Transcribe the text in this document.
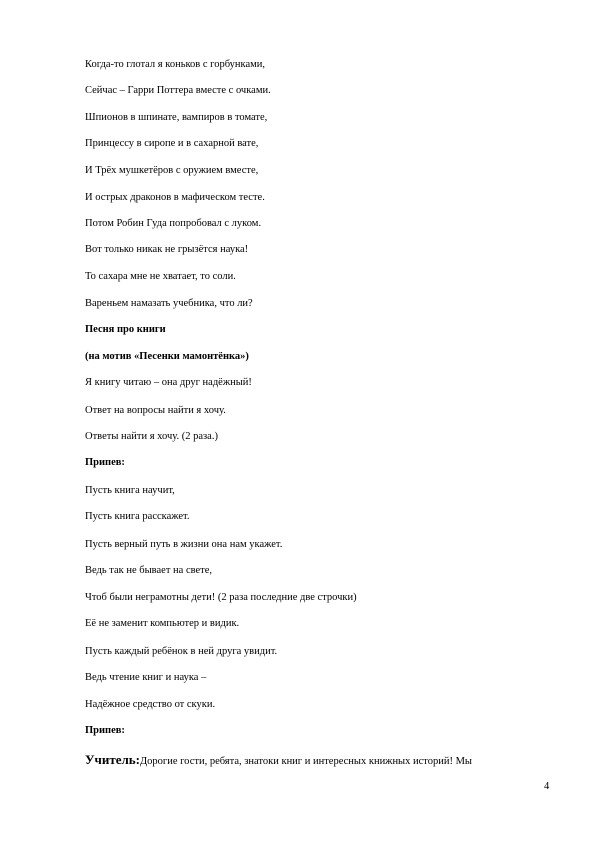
Когда-то глотал я коньков с горбунками,
Сейчас – Гарри Поттера вместе с очками.
Шпионов в шпинате, вампиров в томате,
Принцессу в сиропе и в сахарной вате,
И Трёх мушкетёров с оружием вместе,
И острых драконов в мафическом тесте.
Потом Робин Гуда попробовал с луком.
Вот только никак не грызётся наука!
То сахара мне не хватает, то соли.
Вареньем намазать учебника, что ли?
Песня про книги
(на мотив «Песенки мамонтёнка»)
Я книгу читаю – она друг надёжный!
Ответ на вопросы найти я хочу.
Ответы найти я хочу. (2 раза.)
Припев:
Пусть книга научит,
Пусть книга расскажет.
Пусть верный путь в жизни она нам укажет.
Ведь так не бывает на свете,
Чтоб были неграмотны дети! (2 раза последние две строчки)
Её не заменит компьютер и видик.
Пусть каждый ребёнок в ней друга увидит.
Ведь чтение книг и наука –
Надёжное средство от скуки.
Припев:
Учитель:Дорогие гости, ребята, знатоки книг и интересных книжных историй! Мы
4
